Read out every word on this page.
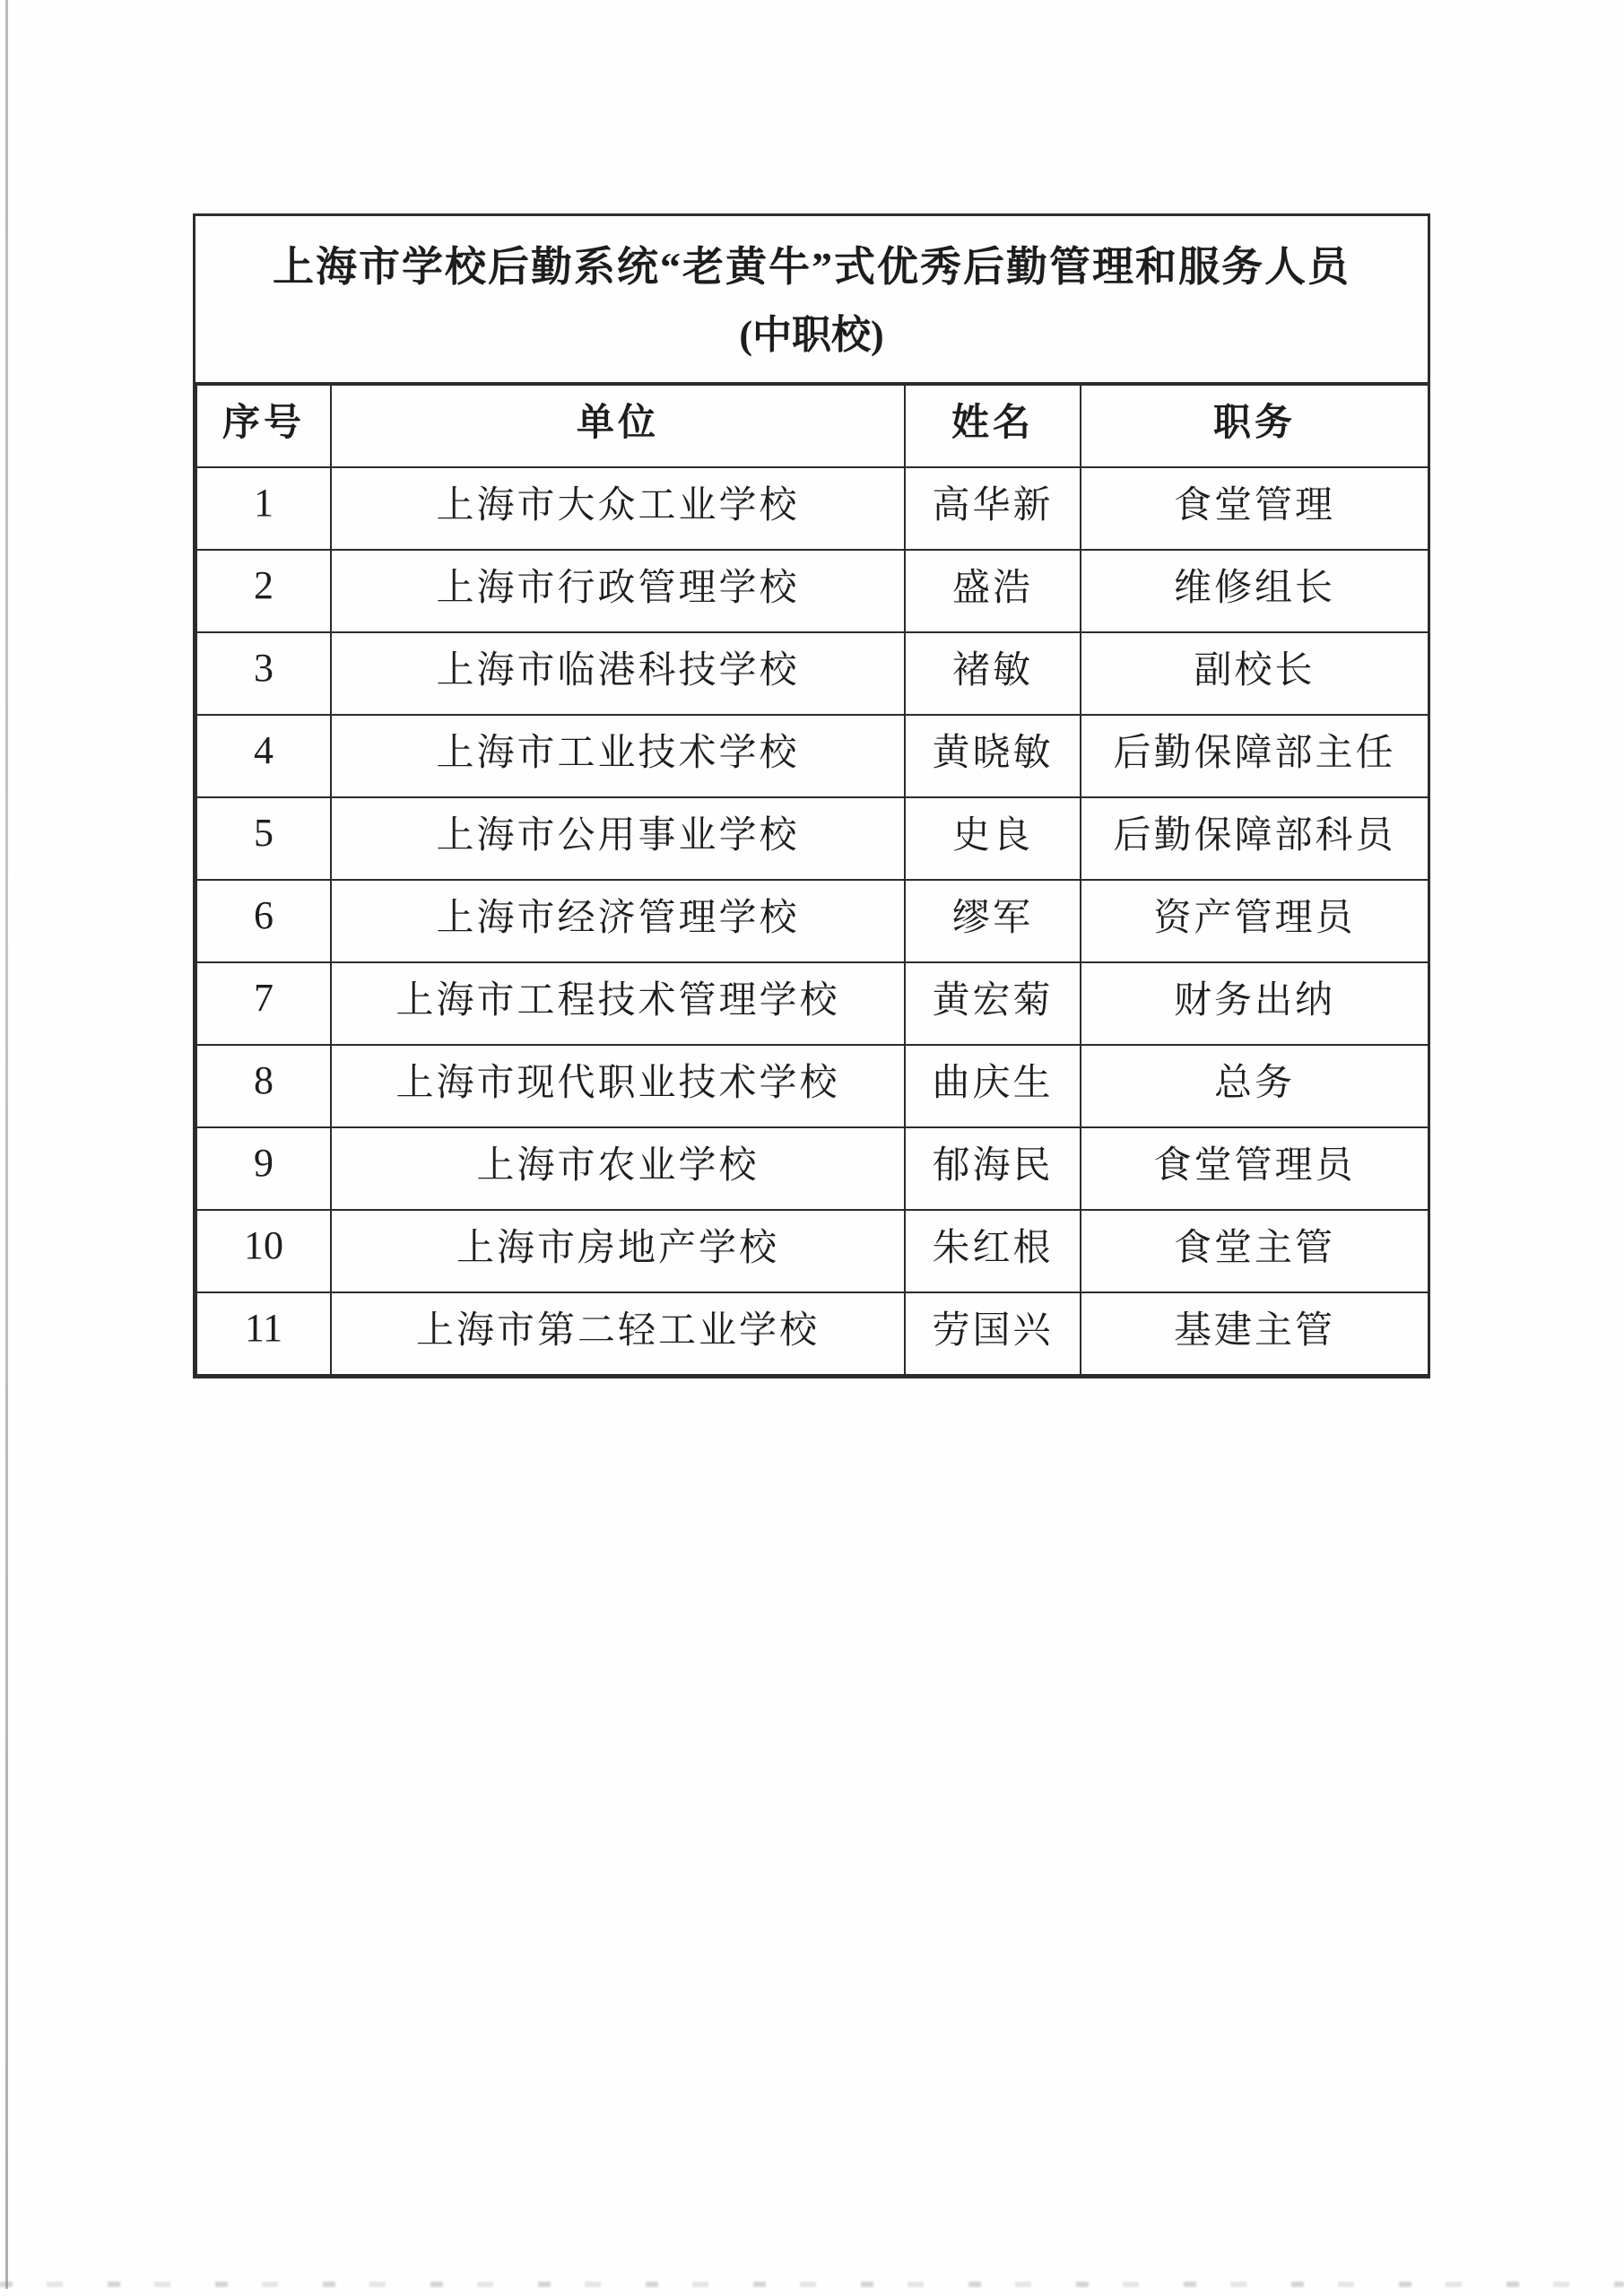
上海市学校后勤系统“老黄牛”式优秀后勤管理和服务人员
(中职校)
序号	单位	姓名	职务
1	上海市大众工业学校	高华新	食堂管理
2	上海市行政管理学校	盛浩	维修组长
3	上海市临港科技学校	褚敏	副校长
4	上海市工业技术学校	黄晓敏	后勤保障部主任
5	上海市公用事业学校	史良	后勤保障部科员
6	上海市经济管理学校	缪军	资产管理员
7	上海市工程技术管理学校	黄宏菊	财务出纳
8	上海市现代职业技术学校	曲庆生	总务
9	上海市农业学校	郁海民	食堂管理员
10	上海市房地产学校	朱红根	食堂主管
11	上海市第二轻工业学校	劳国兴	基建主管
